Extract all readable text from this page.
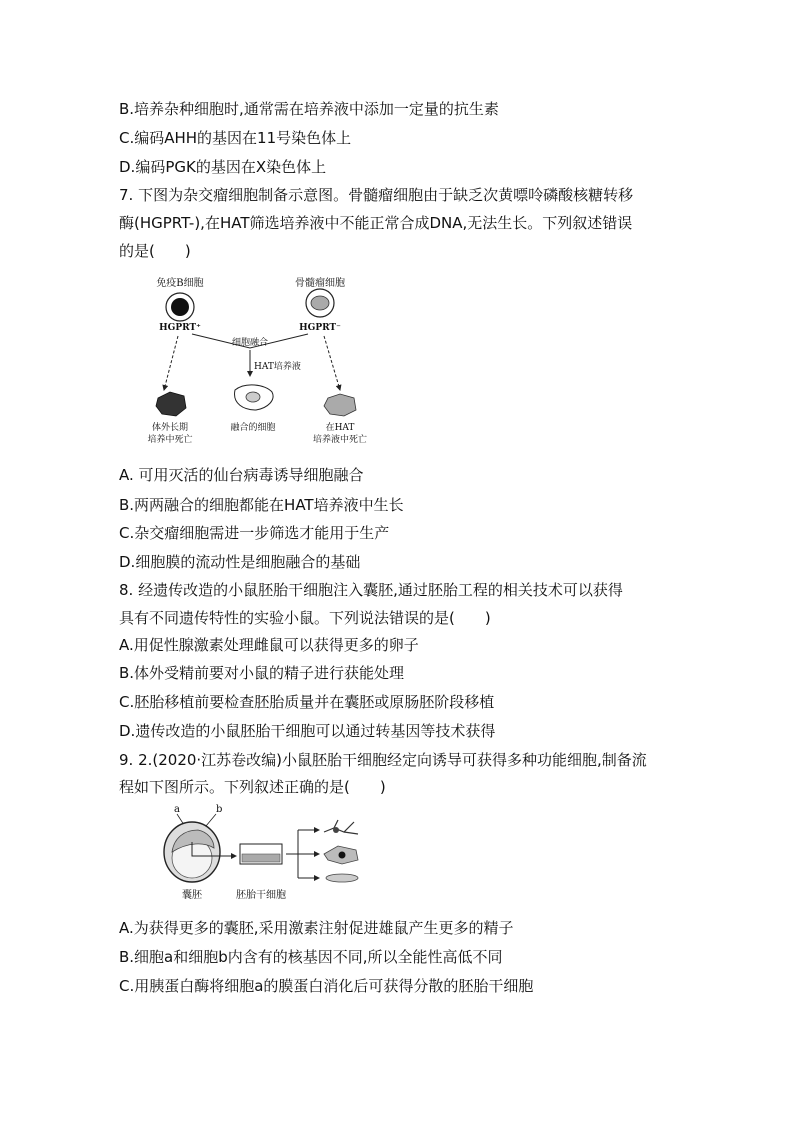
B.培养杂种细胞时,通常需在培养液中添加一定量的抗生素
C.编码AHH的基因在11号染色体上
D.编码PGK的基因在X染色体上
7. 下图为杂交瘤细胞制备示意图。骨髓瘤细胞由于缺乏次黄嘌呤磷酸核糖转移
酶(HGPRT-),在HAT筛选培养液中不能正常合成DNA,无法生长。下列叙述错误
的是(　　)
免疫B细胞
HGPRT⁺
骨髓瘤细胞
HGPRT⁻
细胞融合
HAT培养液
体外长期
培养中死亡
融合的细胞	在HAT
培养液中死亡
A. 可用灭活的仙台病毒诱导细胞融合
B.两两融合的细胞都能在HAT培养液中生长
C.杂交瘤细胞需进一步筛选才能用于生产
D.细胞膜的流动性是细胞融合的基础
8. 经遗传改造的小鼠胚胎干细胞注入囊胚,通过胚胎工程的相关技术可以获得
具有不同遗传特性的实验小鼠。下列说法错误的是(　　)
A.用促性腺激素处理雌鼠可以获得更多的卵子
B.体外受精前要对小鼠的精子进行获能处理
C.胚胎移植前要检查胚胎质量并在囊胚或原肠胚阶段移植
D.遗传改造的小鼠胚胎干细胞可以通过转基因等技术获得
9. 2.(2020·江苏卷改编)小鼠胚胎干细胞经定向诱导可获得多种功能细胞,制备流
程如下图所示。下列叙述正确的是(　　)
a	b
囊胚	胚胎干细胞
A.为获得更多的囊胚,采用激素注射促进雄鼠产生更多的精子
B.细胞a和细胞b内含有的核基因不同,所以全能性高低不同
C.用胰蛋白酶将细胞a的膜蛋白消化后可获得分散的胚胎干细胞
